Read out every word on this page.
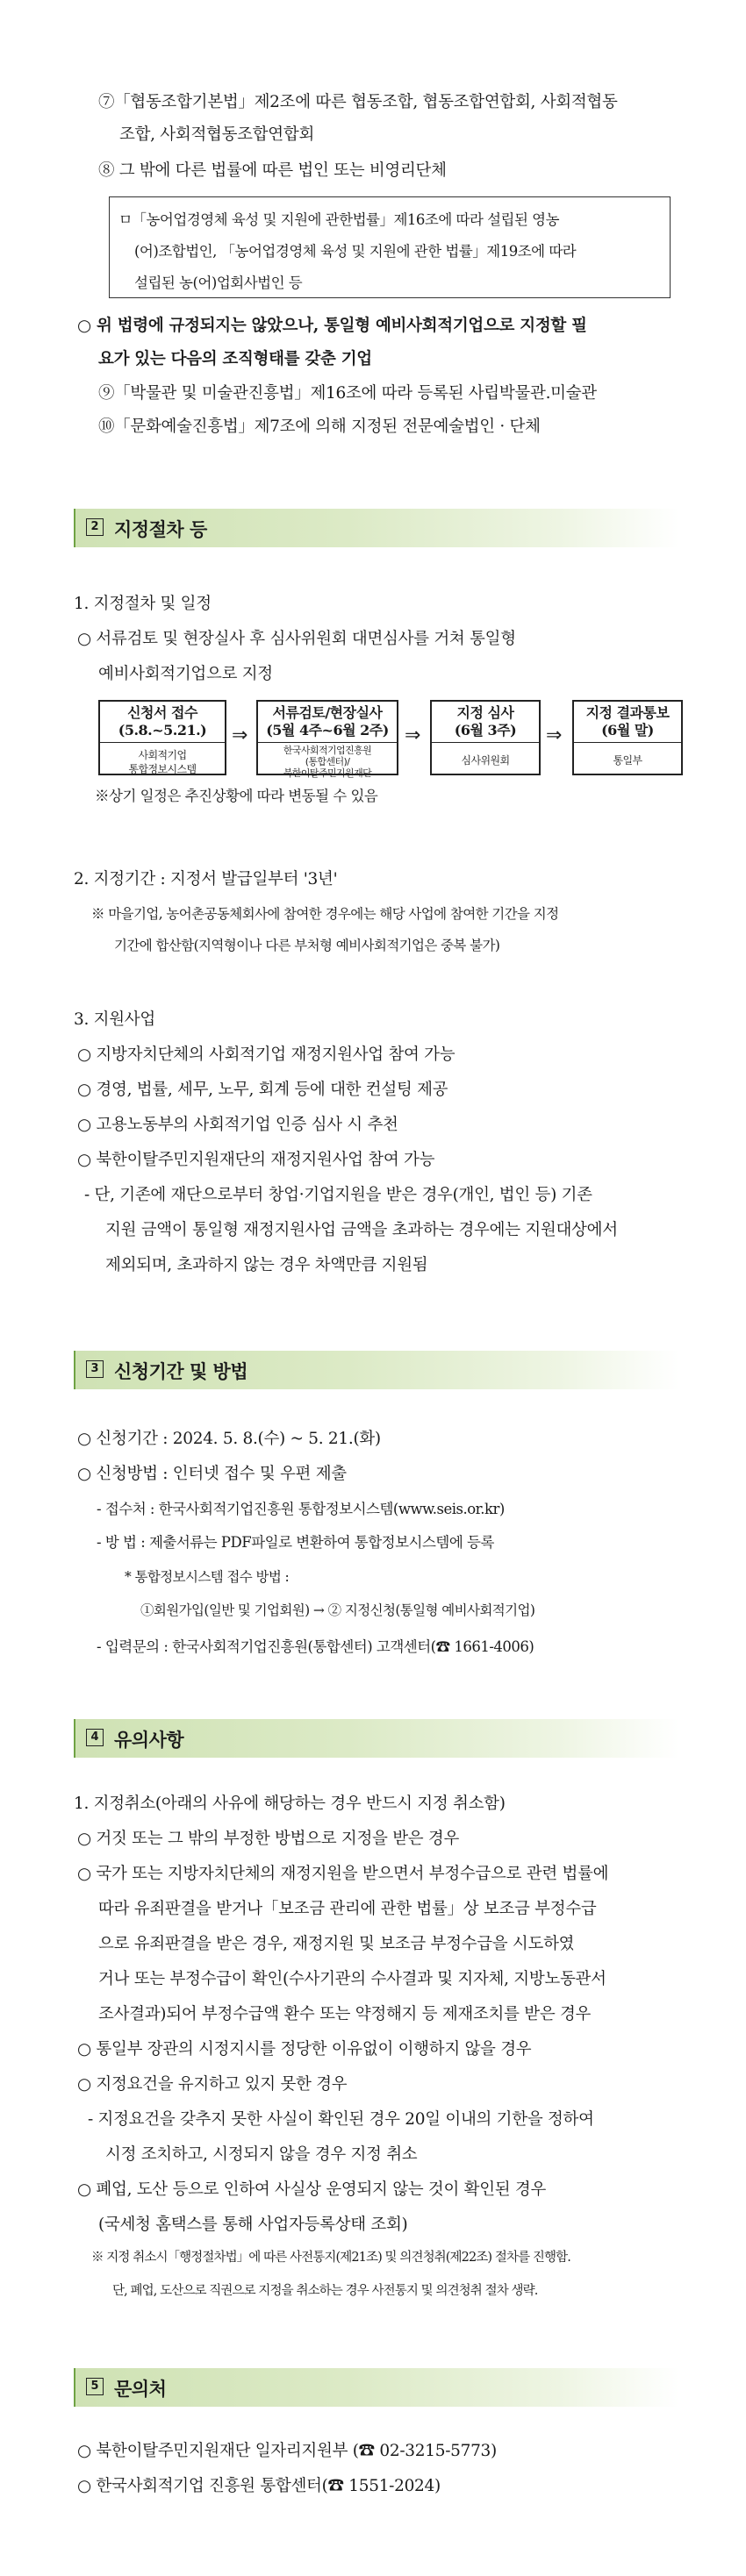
⑦「협동조합기본법」제2조에 따른 협동조합, 협동조합연합회, 사회적협동
조합, 사회적협동조합연합회
⑧ 그 밖에 다른 법률에 따른 법인 또는 비영리단체
ㅁ「농어업경영체 육성 및 지원에 관한법률」제16조에 따라 설립된 영농
(어)조합법인, 「농어업경영체 육성 및 지원에 관한 법률」제19조에 따라
설립된 농(어)업회사법인 등
○ 위 법령에 규정되지는 않았으나, 통일형 예비사회적기업으로 지정할 필
요가 있는 다음의 조직형태를 갖춘 기업
⑨「박물관 및 미술관진흥법」제16조에 따라 등록된 사립박물관.미술관
⑩「문화예술진흥법」제7조에 의해 지정된 전문예술법인 · 단체
2 지정절차 등
1. 지정절차 및 일정
○ 서류검토 및 현장실사 후 심사위원회 대면심사를 거쳐 통일형
예비사회적기업으로 지정
신청서 접수
(5.8.~5.21.)
사회적기업
통합정보시스템
⇒
서류검토/현장실사
(5월 4주~6월 2주)
한국사회적기업진흥원
(통합센터)/
북한이탈주민지원재단
⇒
지정 심사
(6월 3주)
심사위원회
⇒
지정 결과통보
(6월 말)
통일부
※상기 일정은 추진상황에 따라 변동될 수 있음
2. 지정기간 : 지정서 발급일부터 '3년'
※ 마을기업, 농어촌공동체회사에 참여한 경우에는 해당 사업에 참여한 기간을 지정
기간에 합산함(지역형이나 다른 부처형 예비사회적기업은 중복 불가)
3. 지원사업
○ 지방자치단체의 사회적기업 재정지원사업 참여 가능
○ 경영, 법률, 세무, 노무, 회계 등에 대한 컨설팅 제공
○ 고용노동부의 사회적기업 인증 심사 시 추천
○ 북한이탈주민지원재단의 재정지원사업 참여 가능
- 단, 기존에 재단으로부터 창업·기업지원을 받은 경우(개인, 법인 등) 기존
지원 금액이 통일형 재정지원사업 금액을 초과하는 경우에는 지원대상에서
제외되며, 초과하지 않는 경우 차액만큼 지원됨
3 신청기간 및 방법
○ 신청기간 : 2024. 5. 8.(수) ~ 5. 21.(화)
○ 신청방법 : 인터넷 접수 및 우편 제출
- 접수처 : 한국사회적기업진흥원 통합정보시스템(www.seis.or.kr)
- 방 법 : 제출서류는 PDF파일로 변환하여 통합정보시스템에 등록
* 통합정보시스템 접수 방법 :
①회원가입(일반 및 기업회원) → ② 지정신청(통일형 예비사회적기업)
- 입력문의 : 한국사회적기업진흥원(통합센터) 고객센터(☎ 1661-4006)
4 유의사항
1. 지정취소(아래의 사유에 해당하는 경우 반드시 지정 취소함)
○ 거짓 또는 그 밖의 부정한 방법으로 지정을 받은 경우
○ 국가 또는 지방자치단체의 재정지원을 받으면서 부정수급으로 관련 법률에
따라 유죄판결을 받거나「보조금 관리에 관한 법률」상 보조금 부정수급
으로 유죄판결을 받은 경우, 재정지원 및 보조금 부정수급을 시도하였
거나 또는 부정수급이 확인(수사기관의 수사결과 및 지자체, 지방노동관서
조사결과)되어 부정수급액 환수 또는 약정해지 등 제재조치를 받은 경우
○ 통일부 장관의 시정지시를 정당한 이유없이 이행하지 않을 경우
○ 지정요건을 유지하고 있지 못한 경우
- 지정요건을 갖추지 못한 사실이 확인된 경우 20일 이내의 기한을 정하여
시정 조치하고, 시정되지 않을 경우 지정 취소
○ 폐업, 도산 등으로 인하여 사실상 운영되지 않는 것이 확인된 경우
(국세청 홈택스를 통해 사업자등록상태 조회)
※ 지정 취소시「행정절차법」에 따른 사전통지(제21조) 및 의견청취(제22조) 절차를 진행함.
단, 폐업, 도산으로 직권으로 지정을 취소하는 경우 사전통지 및 의견청취 절차 생략.
5 문의처
○ 북한이탈주민지원재단 일자리지원부 (☎ 02-3215-5773)
○ 한국사회적기업 진흥원 통합센터(☎ 1551-2024)
